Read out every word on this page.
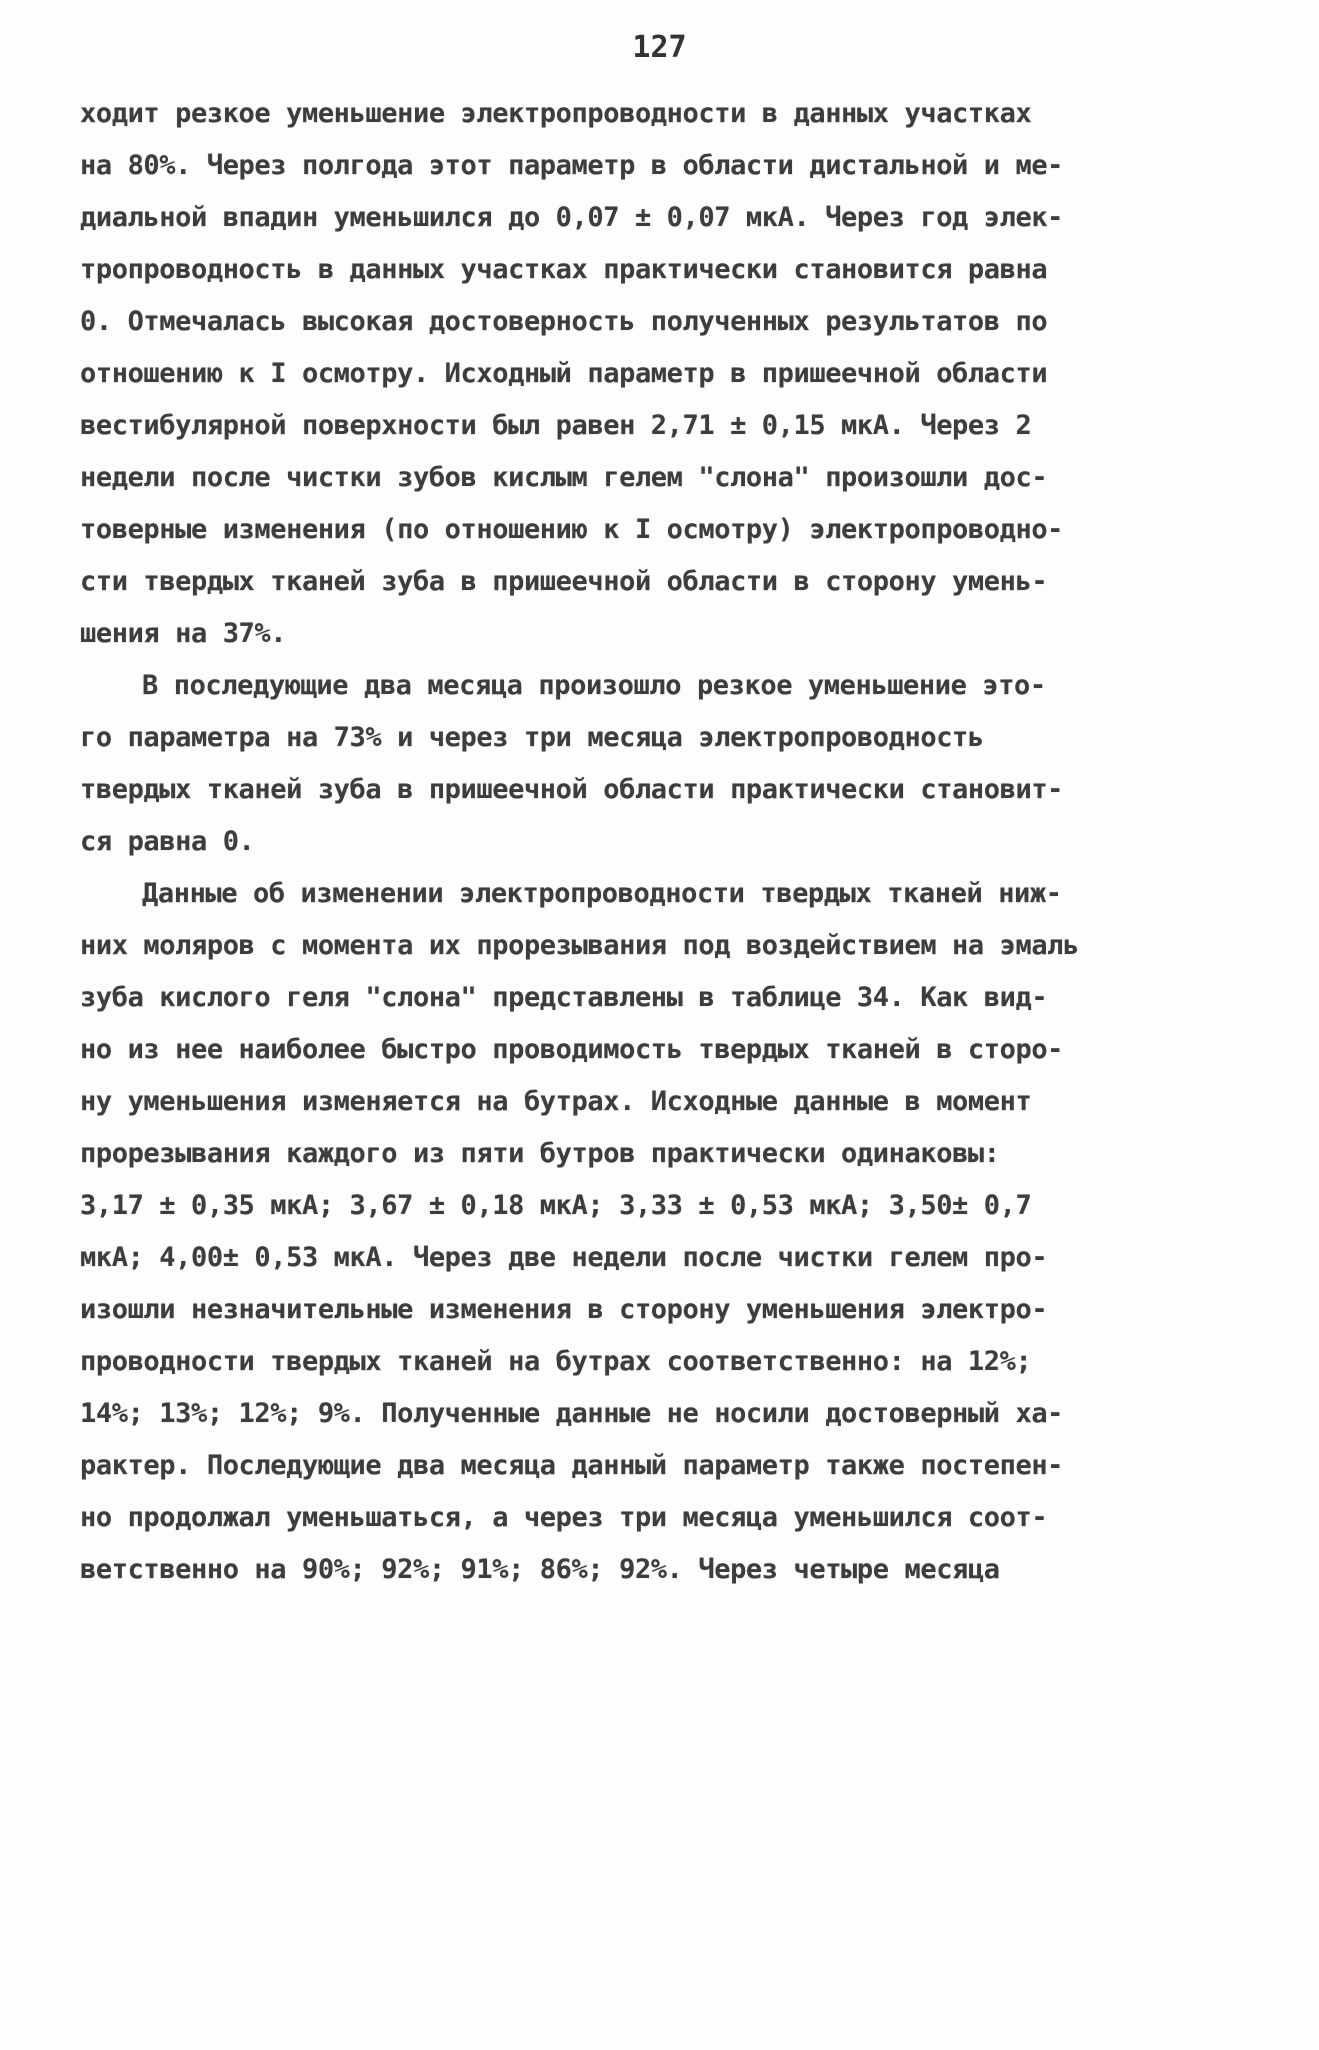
127
ходит резкое уменьшение электропроводности в данных участках
на 80%. Через полгода этот параметр в области дистальной и ме-
диальной впадин уменьшился до 0,07 ± 0,07 мкА. Через год элек-
тропроводность в данных участках практически становится равна
0. Отмечалась высокая достоверность полученных результатов по
отношению к I осмотру. Исходный параметр в пришеечной области
вестибулярной поверхности был равен 2,71 ± 0,15 мкА. Через 2
недели после чистки зубов кислым гелем "слона" произошли дос-
товерные изменения (по отношению к I осмотру) электропроводно-
сти твердых тканей зуба в пришеечной области в сторону умень-
шения на 37%.
В последующие два месяца произошло резкое уменьшение это-
го параметра на 73% и через три месяца электропроводность
твердых тканей зуба в пришеечной области практически становит-
ся равна 0.
Данные об изменении электропроводности твердых тканей ниж-
них моляров с момента их прорезывания под воздействием на эмаль
зуба кислого геля "слона" представлены в таблице 34. Как вид-
но из нее наиболее быстро проводимость твердых тканей в сторо-
ну уменьшения изменяется на бутрах. Исходные данные в момент
прорезывания каждого из пяти бутров практически одинаковы:
3,17 ± 0,35 мкА; 3,67 ± 0,18 мкА; 3,33 ± 0,53 мкА; 3,50± 0,7
мкА; 4,00± 0,53 мкА. Через две недели после чистки гелем про-
изошли незначительные изменения в сторону уменьшения электро-
проводности твердых тканей на бутрах соответственно: на 12%;
14%; 13%; 12%; 9%. Полученные данные не носили достоверный ха-
рактер. Последующие два месяца данный параметр также постепен-
но продолжал уменьшаться, а через три месяца уменьшился соот-
ветственно на 90%; 92%; 91%; 86%; 92%. Через четыре месяца
